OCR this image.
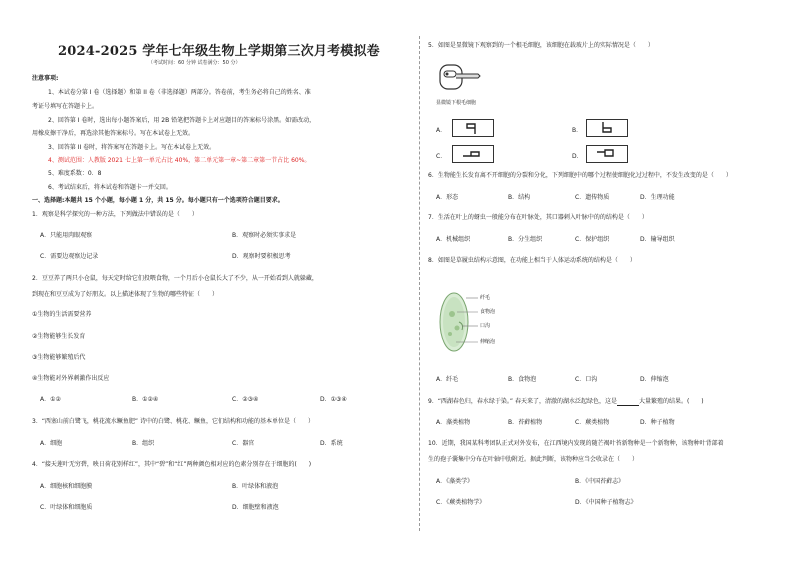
2024-2025 学年七年级生物上学期第三次月考模拟卷
（考试时间：60 分钟 试卷满分：50 分）
注意事项:
1、本试卷分第 I 卷（选择题）和第 II 卷（非选择题）两部分。答卷前，考生务必将自己的姓名、准
考证号填写在答题卡上。
2、回答第 I 卷时，选出每小题答案后，用 2B 铅笔把答题卡上对应题目的答案标号涂黑。如需改动，
用橡皮擦干净后，再选涂其他答案标号。写在本试卷上无效。
3、回答第 II 卷时，将答案写在答题卡上。写在本试卷上无效。
4、测试范围：人教版 2021 七上第一单元占比 40%，第二单元第一章~第二章第一节占比 60%。
5、难度系数：0．8
6、考试结束后，将本试卷和答题卡一并交回。
一、选择题:本题共 15 个小题，每小题 1 分，共 15 分。每小题只有一个选项符合题目要求。
1．观察是科学探究的一种方法，下列做法中错误的是（　　）
A．只能用肉眼观察	B．观察时必须实事求是
C．需要边观察边记录	D．观察时要积极思考
2．豆豆养了两只小仓鼠，每天定时给它们投喂食物，一个月后小仓鼠长大了不少，从一开始看到人就躲藏，
到现在和豆豆成为了好朋友。以上描述体现了生物的哪些特征（　　）
①生物的生活需要营养
②生物能够生长发育
③生物能够繁殖后代
④生物能对外界刺激作出反应
A．①②	B．①②④	C．②③④	D．①③④
3．“西塞山前白鹭飞，桃花流水鳜鱼肥” 诗中的白鹭、桃花、鳜鱼，它们结构和功能的基本单位是（　　）
A．细胞	B．组织	C．器官	D．系统
4．“接天莲叶无穷碧，映日荷花别样红”，其中“碧”和“红”两种颜色相对应的色素分别存在于细胞的(　　)
A．细胞核和细胞膜	B．叶绿体和液泡
C．叶绿体和细胞质	D．细胞壁和液泡
5．如图是显微镜下观察到的一个根毛细胞，该细胞在载玻片上的实际情况是（　　）
显微镜下根毛细胞
A．	B．
C．	D．
6．生物能生长发育离不开细胞的分裂和分化，下列细胞中的哪个过程使细胞化过过程中，不发生改变的是（　　）
A．形态	B．结构	C．遗传物质	D．生理功能
7．生活在叶上的蚜虫一般能分布在叶脉处，其口器刺入叶脉中的的结构是（　　）
A．机械组织	B．分生组织	C．保护组织	D．输导组织
8．如图是草履虫结构示意图，在功能上相当于人体运动系统的结构是（　　）
纤毛
食物泡
口沟
伸缩泡
A．纤毛	B．食物泡	C．口沟	D．伸缩泡
9．“西湖春色归，春水绿于染。” 春天来了，清澈的湖水泛起绿色，这是	大量繁殖的结果。(　　)
A．藻类植物	B．苔藓植物	C．蕨类植物	D．种子植物
10．近期，我国某科考团队正式对外发布，在江西境内发现的随芒褐叶苔新物种是一个新物种，该物种叶背部着
生的孢子囊集中分布在叶轴中肋附近。据此判断，该物种应当会收录在（　　）
A．《藻类学》	B．《中国苔藓志》
C．《蕨类植物学》	D．《中国种子植物志》
